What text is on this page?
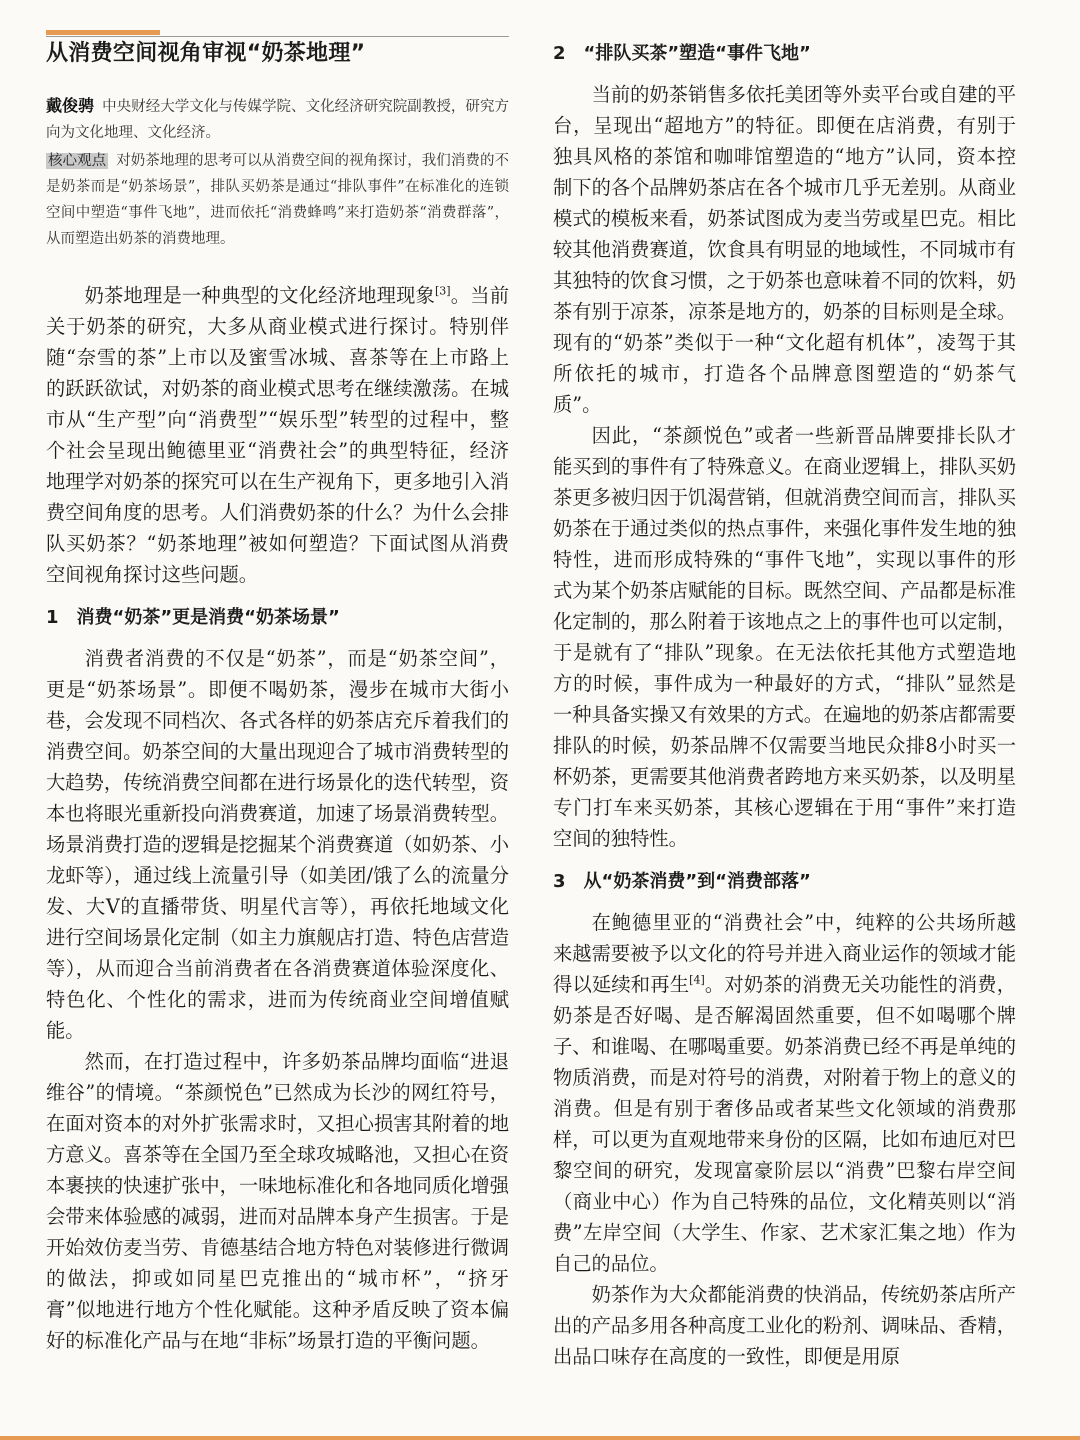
从消费空间视角审视“奶茶地理”
戴俊骋 中央财经大学文化与传媒学院、文化经济研究院副教授，研究方向为文化地理、文化经济。
核心观点 对奶茶地理的思考可以从消费空间的视角探讨，我们消费的不是奶茶而是“奶茶场景”，排队买奶茶是通过“排队事件”在标准化的连锁空间中塑造“事件飞地”，进而依托“消费蜂鸣”来打造奶茶“消费群落”，从而塑造出奶茶的消费地理。

奶茶地理是一种典型的文化经济地理现象[3]。当前关于奶茶的研究，大多从商业模式进行探讨。特别伴随“奈雪的茶”上市以及蜜雪冰城、喜茶等在上市路上的跃跃欲试，对奶茶的商业模式思考在继续激荡。在城市从“生产型”向“消费型”“娱乐型”转型的过程中，整个社会呈现出鲍德里亚“消费社会”的典型特征，经济地理学对奶茶的探究可以在生产视角下，更多地引入消费空间角度的思考。人们消费奶茶的什么？为什么会排队买奶茶？“奶茶地理”被如何塑造？下面试图从消费空间视角探讨这些问题。

1　消费“奶茶”更是消费“奶茶场景”

消费者消费的不仅是“奶茶”，而是“奶茶空间”，更是“奶茶场景”。即便不喝奶茶，漫步在城市大街小巷，会发现不同档次、各式各样的奶茶店充斥着我们的消费空间。奶茶空间的大量出现迎合了城市消费转型的大趋势，传统消费空间都在进行场景化的迭代转型，资本也将眼光重新投向消费赛道，加速了场景消费转型。场景消费打造的逻辑是挖掘某个消费赛道（如奶茶、小龙虾等），通过线上流量引导（如美团/饿了么的流量分发、大V的直播带货、明星代言等），再依托地域文化进行空间场景化定制（如主力旗舰店打造、特色店营造等），从而迎合当前消费者在各消费赛道体验深度化、特色化、个性化的需求，进而为传统商业空间增值赋能。

然而，在打造过程中，许多奶茶品牌均面临“进退维谷”的情境。“茶颜悦色”已然成为长沙的网红符号，在面对资本的对外扩张需求时，又担心损害其附着的地方意义。喜茶等在全国乃至全球攻城略池，又担心在资本裹挟的快速扩张中，一味地标准化和各地同质化增强会带来体验感的减弱，进而对品牌本身产生损害。于是开始效仿麦当劳、肯德基结合地方特色对装修进行微调的做法，抑或如同星巴克推出的“城市杯”，“挤牙膏”似地进行地方个性化赋能。这种矛盾反映了资本偏好的标准化产品与在地“非标”场景打造的平衡问题。

2　“排队买茶”塑造“事件飞地”

当前的奶茶销售多依托美团等外卖平台或自建的平台，呈现出“超地方”的特征。即便在店消费，有别于独具风格的茶馆和咖啡馆塑造的“地方”认同，资本控制下的各个品牌奶茶店在各个城市几乎无差别。从商业模式的模板来看，奶茶试图成为麦当劳或星巴克。相比较其他消费赛道，饮食具有明显的地域性，不同城市有其独特的饮食习惯，之于奶茶也意味着不同的饮料，奶茶有别于凉茶，凉茶是地方的，奶茶的目标则是全球。现有的“奶茶”类似于一种“文化超有机体”，凌驾于其所依托的城市，打造各个品牌意图塑造的“奶茶气质”。

因此，“茶颜悦色”或者一些新晋品牌要排长队才能买到的事件有了特殊意义。在商业逻辑上，排队买奶茶更多被归因于饥渴营销，但就消费空间而言，排队买奶茶在于通过类似的热点事件，来强化事件发生地的独特性，进而形成特殊的“事件飞地”，实现以事件的形式为某个奶茶店赋能的目标。既然空间、产品都是标准化定制的，那么附着于该地点之上的事件也可以定制，于是就有了“排队”现象。在无法依托其他方式塑造地方的时候，事件成为一种最好的方式，“排队”显然是一种具备实操又有效果的方式。在遍地的奶茶店都需要排队的时候，奶茶品牌不仅需要当地民众排8小时买一杯奶茶，更需要其他消费者跨地方来买奶茶，以及明星专门打车来买奶茶，其核心逻辑在于用“事件”来打造空间的独特性。

3　从“奶茶消费”到“消费部落”

在鲍德里亚的“消费社会”中，纯粹的公共场所越来越需要被予以文化的符号并进入商业运作的领域才能得以延续和再生[4]。对奶茶的消费无关功能性的消费，奶茶是否好喝、是否解渴固然重要，但不如喝哪个牌子、和谁喝、在哪喝重要。奶茶消费已经不再是单纯的物质消费，而是对符号的消费，对附着于物上的意义的消费。但是有别于奢侈品或者某些文化领域的消费那样，可以更为直观地带来身份的区隔，比如布迪厄对巴黎空间的研究，发现富豪阶层以“消费”巴黎右岸空间（商业中心）作为自己特殊的品位，文化精英则以“消费”左岸空间（大学生、作家、艺术家汇集之地）作为自己的品位。

奶茶作为大众都能消费的快消品，传统奶茶店所产出的产品多用各种高度工业化的粉剂、调味品、香精，出品口味存在高度的一致性，即便是用原
